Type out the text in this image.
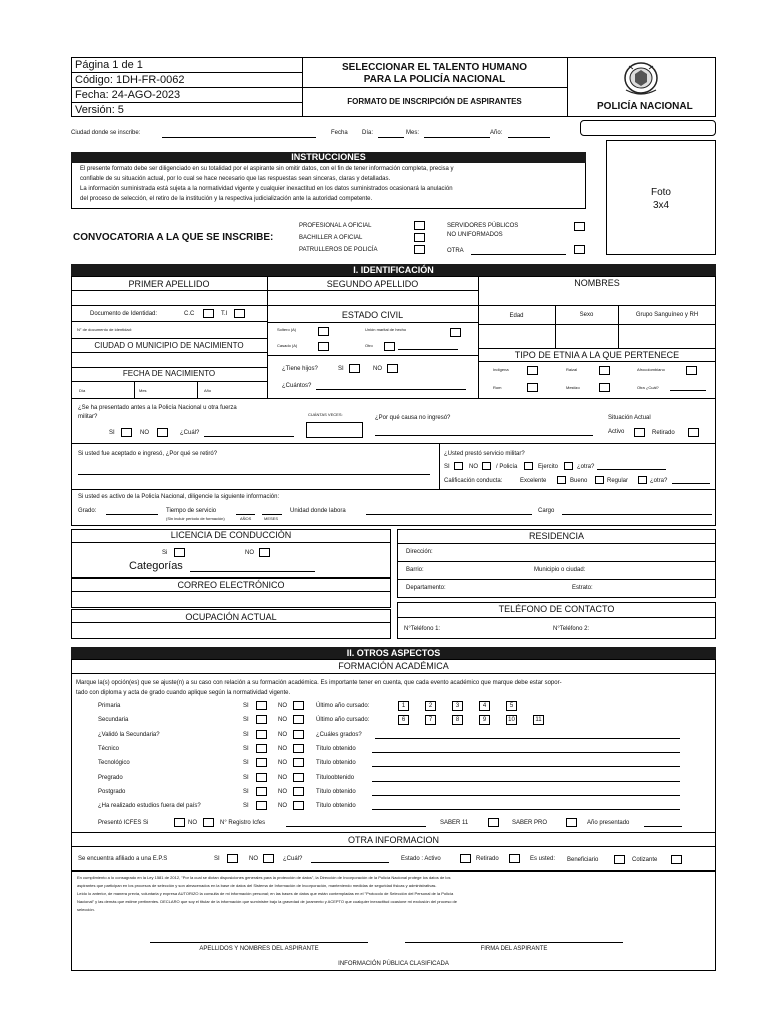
Página 1 de 1
Código: 1DH-FR-0062
Fecha: 24-AGO-2023
Versión: 5
SELECCIONAR EL TALENTO HUMANO
PARA LA POLICÍA NACIONAL
FORMATO DE INSCRIPCIÓN DE ASPIRANTES	POLICÍA NACIONAL
Ciudad donde se inscribe:	Fecha Día:	Mes:	Año:
INSTRUCCIONES
El presente formato debe ser diligenciado en su totalidad por el aspirante sin omitir datos, con el fin de tener información completa, precisa y
confiable de su situación actual, por lo cual se hace necesario que las respuestas sean sinceras, claras y detalladas.
La información suministrada está sujeta a la normatividad vigente y cualquier inexactitud en los datos suministrados ocasionará la anulación
del proceso de selección, el retiro de la institución y la respectiva judicialización ante la autoridad competente.
Foto
3x4
CONVOCATORIA A LA QUE SE INSCRIBE:
PROFESIONAL A OFICIAL
BACHILLER A OFICIAL
PATRULLEROS DE POLICÍA
SERVIDORES PÚBLICOS
NO UNIFORMADOS
OTRA
I. IDENTIFICACIÓN
PRIMER APELLIDO	SEGUNDO APELLIDO	NOMBRES
Documento de Identidad:	C.C	T.I	ESTADO CIVIL	Edad	Sexo	Grupo Sanguíneo y RH
N° de documento de identidad:	Soltero (A)	Unión marital de hecho
Casado (A)	Otro
CIUDAD O MUNICIPIO DE NACIMIENTO
TIPO DE ETNIA A LA QUE PERTENECE
Indígena	Raizal	Afrocolombiano
Rom	Mestizo	Otra ¿Cuál?
FECHA DE NACIMIENTO
Día	Mes	Año
¿Tiene hijos?	SI	NO
¿Cuántos?
¿Se ha presentado antes a la Policía Nacional u otra fuerza
militar?
SI	NO	¿Cuál?
CUÁNTAS VECES:
¿Por qué causa no ingresó?	Situación Actual
Activo	Retirado
Si usted fue aceptado e ingresó, ¿Por qué se retiró?	¿Usted prestó servicio militar?
SI	NO	/ Policía	Ejercito	¿otra?
Calificación conducta:	Excelente	Bueno	Regular	¿otra?
Si usted es activo de la Policía Nacional, diligencie la siguiente información:
Grado:	Tiempo de servicio
(Sin incluir periodo de formación)	AÑOS	MESES
Unidad donde labora	Cargo
LICENCIA DE CONDUCCIÓN
Si	NO
Categorías
RESIDENCIA
Dirección:
Barrio:	Municipio o ciudad:
Departamento:	Estrato:
CORREO ELECTRÓNICO
OCUPACIÓN ACTUAL
TELÉFONO DE CONTACTO
N°Teléfono 1:	N°Teléfono 2:
II. OTROS ASPECTOS
FORMACIÓN ACADÉMICA
Marque la(s) opción(es) que se ajuste(n) a su caso con relación a su formación académica. Es importante tener en cuenta, que cada evento académico que marque debe estar sopor-
tado con diploma y acta de grado cuando aplique según la normatividad vigente.
Primaria	SI	NO	Último año cursado:	1	2	3	4	5
Secundaria	SI	NO	Último año cursado:	6	7	8	9	10	11
¿Validó la Secundaria?	SI	NO	¿Cuáles grados?
Técnico	SI	NO	Título obtenido
Tecnológico	SI	NO	Título obtenido
Pregrado	SI	NO	Títuloobtenido
Postgrado	SI	NO	Título obtenido
¿Ha realizado estudios fuera del país?	SI	NO	Título obtenido
Presentó ICFES Si	NO	N° Registro Icfes	SABER 11	SABER PRO	Año presentado
OTRA INFORMACION
Se encuentra afiliado a una E.P.S	SI	NO	¿Cuál?	Estado : Activo	Retirado	Es usted: Beneficiario	Cotizante
En cumplimiento a lo consagrado en la Ley 1581 de 2012, "Por la cual se dictan disposiciones generales para la protección de datos", la Dirección de Incorporación de la Policía Nacional protege los datos de los
aspirantes que participan en los procesos de selección y son almacenados en la base de datos del Sistema de Información de Incorporación, manteniendo medidas de seguridad físicas y administrativas.
Leído lo anterior, de manera previa, voluntaria y expresa AUTORIZO la consulta de mi información personal; en las bases de datos que están contempladas en el "Protocolo de Selección del Personal de la Policía
Nacional" y las demás que estime pertinentes. DECLARO que soy el titular de la información que suministre bajo la gravedad de juramento y ACEPTO que cualquier inexactitud ocasione mi exclusión del proceso de
selección.
APELLIDOS Y NOMBRES DEL ASPIRANTE	FIRMA DEL ASPIRANTE
INFORMACIÓN PÚBLICA CLASIFICADA
